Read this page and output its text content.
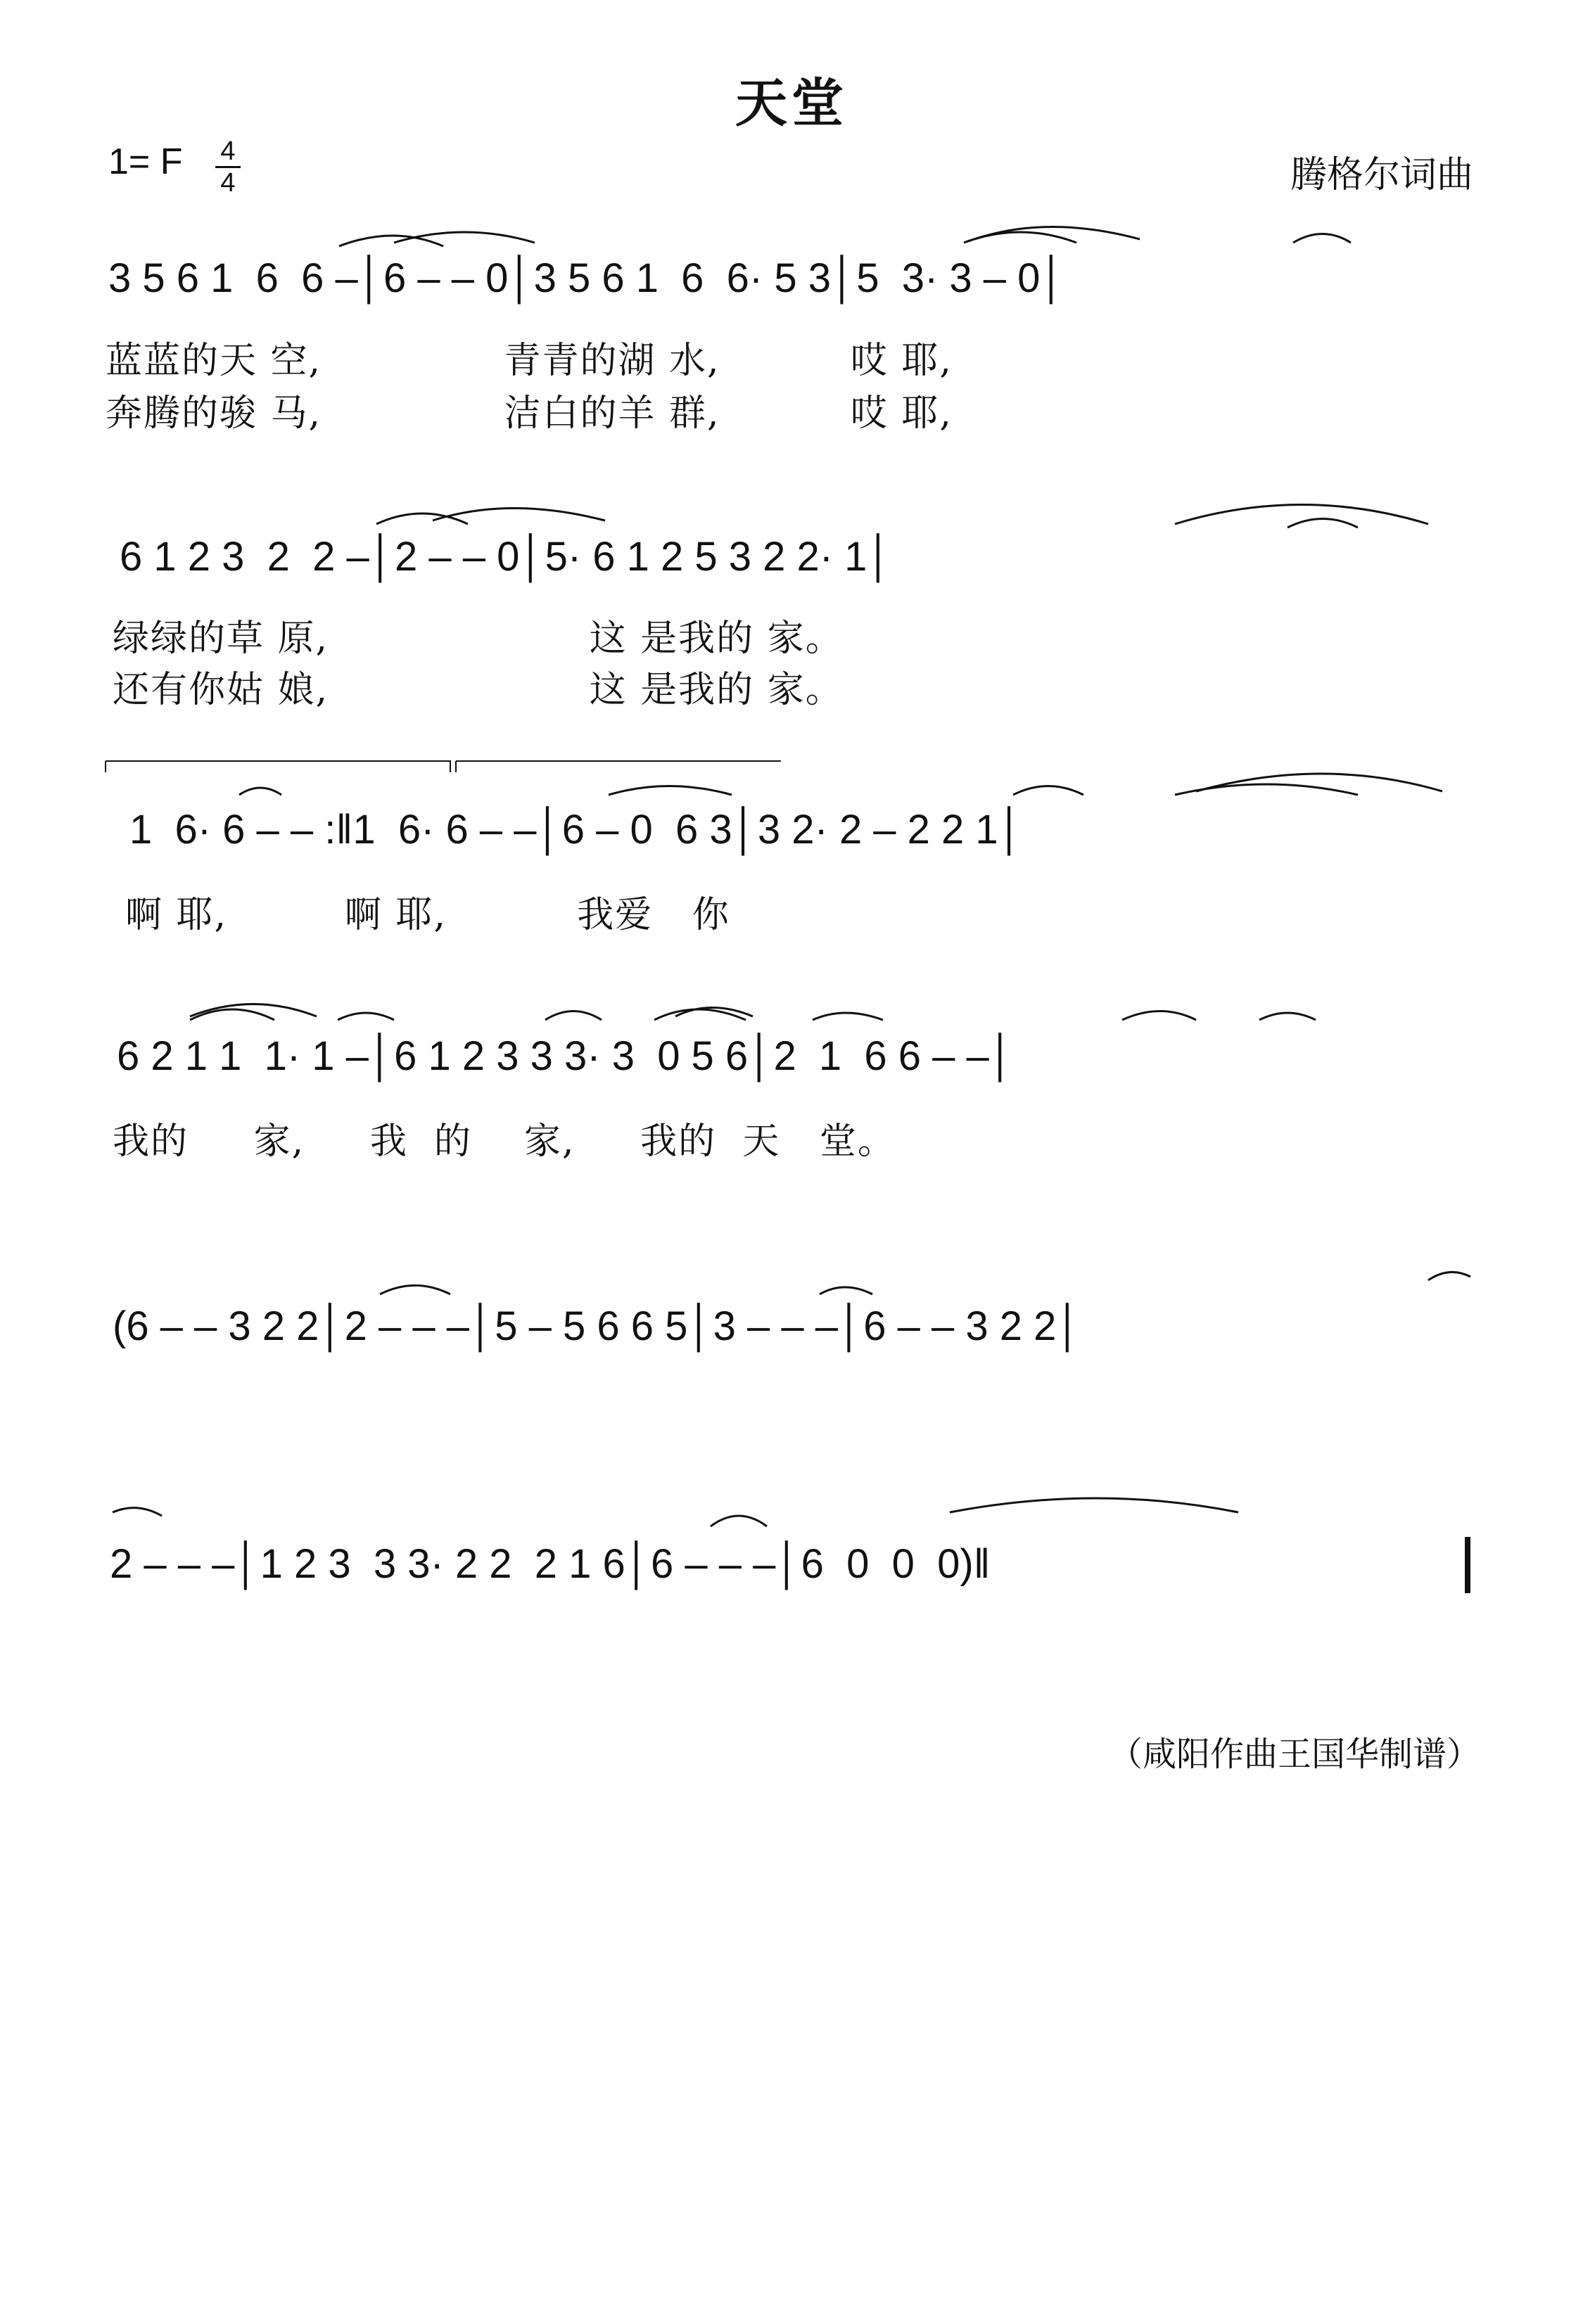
天堂
1= F 4
4	腾格尔词曲
3 5 6 1  6  6 –│6 – – 0│3 5 6 1  6  6· 5 3│5  3· 3 – 0│
蓝蓝的天 空,              青青的湖 水,          哎 耶,
奔腾的骏 马,              洁白的羊 群,          哎 耶,
6 1 2 3  2  2 –│2 – – 0│5· 6 1 2 5 3 2 2· 1│
绿绿的草 原,                    这 是我的 家。
还有你姑 娘,                    这 是我的 家。
1  6· 6 – – :‖1  6· 6 – –│6 – 0  6 3│3 2· 2 – 2 2 1│
啊 耶,         啊 耶,          我爱   你
6 2 1 1  1· 1 –│6 1 2 3 3 3· 3  0 5 6│2  1  6 6 – –│
我的     家,     我  的    家,     我的  天   堂。
(6 – – 3 2 2│2 – – –│5 – 5 6 6 5│3 – – –│6 – – 3 2 2│
2 – – –│1 2 3  3 3· 2 2  2 1 6│6 – – –│6  0  0  0)‖
（咸阳作曲王国华制谱）
